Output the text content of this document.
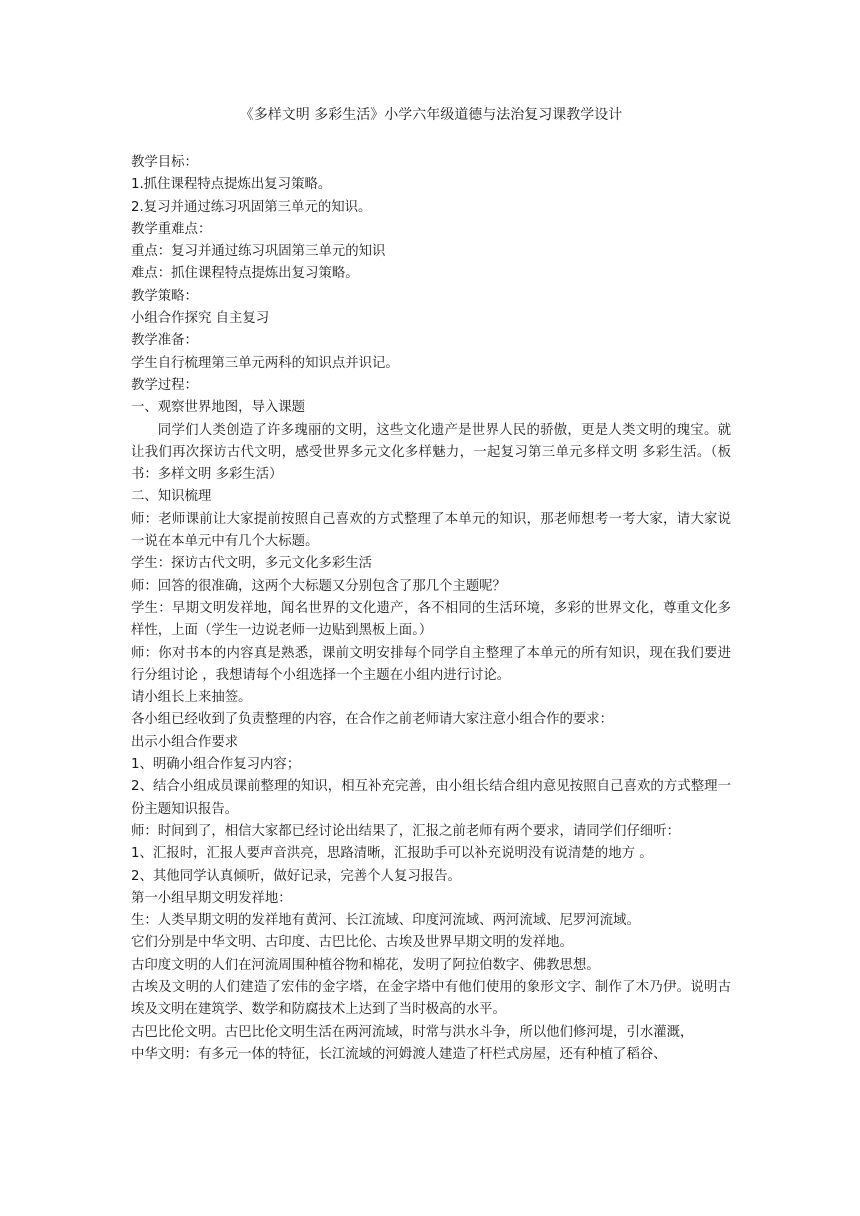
《多样文明 多彩生活》小学六年级道德与法治复习课教学设计

教学目标：

1.抓住课程特点提炼出复习策略。

2.复习并通过练习巩固第三单元的知识。

教学重难点：

重点：复习并通过练习巩固第三单元的知识

难点：抓住课程特点提炼出复习策略。

教学策略：

小组合作探究 自主复习

教学准备：

学生自行梳理第三单元两科的知识点并识记。

教学过程：

一、观察世界地图，导入课题

同学们人类创造了许多瑰丽的文明，这些文化遗产是世界人民的骄傲，更是人类文明的瑰宝。就让我们再次探访古代文明，感受世界多元文化多样魅力，一起复习第三单元多样文明 多彩生活。（板书：多样文明 多彩生活）

二、知识梳理

师：老师课前让大家提前按照自己喜欢的方式整理了本单元的知识，那老师想考一考大家，请大家说一说在本单元中有几个大标题。

学生：探访古代文明，多元文化多彩生活

师：回答的很准确，这两个大标题又分别包含了那几个主题呢？

学生：早期文明发祥地，闻名世界的文化遗产，各不相同的生活环境，多彩的世界文化，尊重文化多样性，上面（学生一边说老师一边贴到黑板上面。）

师：你对书本的内容真是熟悉，课前文明安排每个同学自主整理了本单元的所有知识，现在我们要进行分组讨论 ，我想请每个小组选择一个主题在小组内进行讨论。

请小组长上来抽签。

各小组已经收到了负责整理的内容，在合作之前老师请大家注意小组合作的要求：

出示小组合作要求

1、明确小组合作复习内容；

2、结合小组成员课前整理的知识，相互补充完善，由小组长结合组内意见按照自己喜欢的方式整理一份主题知识报告。

师：时间到了，相信大家都已经讨论出结果了，汇报之前老师有两个要求，请同学们仔细听：

1、汇报时，汇报人要声音洪亮，思路清晰，汇报助手可以补充说明没有说清楚的地方 。

2、其他同学认真倾听，做好记录，完善个人复习报告。

第一小组早期文明发祥地：

生：人类早期文明的发祥地有黄河、长江流域、印度河流域、两河流域、尼罗河流域。

它们分别是中华文明、古印度、古巴比伦、古埃及世界早期文明的发祥地。

古印度文明的人们在河流周围种植谷物和棉花，发明了阿拉伯数字、佛教思想。

古埃及文明的人们建造了宏伟的金字塔，在金字塔中有他们使用的象形文字、制作了木乃伊。说明古埃及文明在建筑学、数学和防腐技术上达到了当时极高的水平。

古巴比伦文明。古巴比伦文明生活在两河流域，时常与洪水斗争，所以他们修河堤，引水灌溉，

中华文明：有多元一体的特征，长江流域的河姆渡人建造了杆栏式房屋，还有种植了稻谷、
